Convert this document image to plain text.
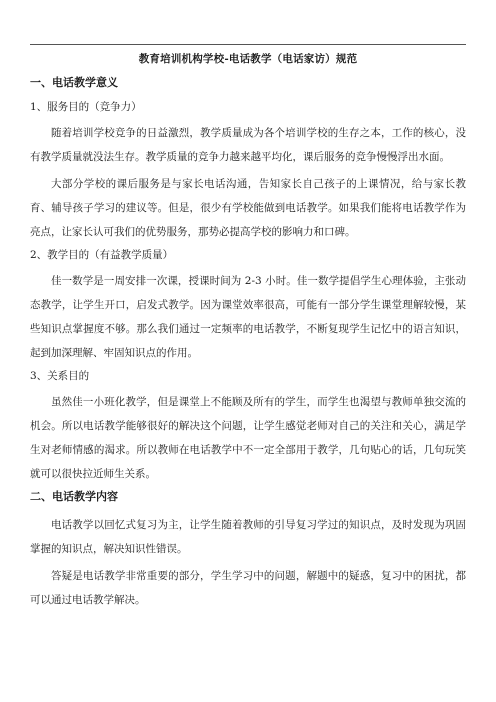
教育培训机构学校-电话教学（电话家访）规范
一、电话教学意义
1、服务目的（竞争力）

随着培训学校竞争的日益激烈，教学质量成为各个培训学校的生存之本，工作的核心，没有教学质量就没法生存。教学质量的竞争力越来越平均化，课后服务的竞争慢慢浮出水面。

大部分学校的课后服务是与家长电话沟通，告知家长自己孩子的上课情况，给与家长教育、辅导孩子学习的建议等。但是，很少有学校能做到电话教学。如果我们能将电话教学作为亮点，让家长认可我们的优势服务，那势必提高学校的影响力和口碑。

2、教学目的（有益教学质量）

佳一数学是一周安排一次课，授课时间为 2-3 小时。佳一数学提倡学生心理体验，主张动态教学，让学生开口，启发式教学。因为课堂效率很高，可能有一部分学生课堂理解较慢，某些知识点掌握度不够。那么我们通过一定频率的电话教学，不断复现学生记忆中的语言知识，起到加深理解、牢固知识点的作用。

3、关系目的

虽然佳一小班化教学，但是课堂上不能顾及所有的学生，而学生也渴望与教师单独交流的机会。所以电话教学能够很好的解决这个问题，让学生感觉老师对自己的关注和关心，满足学生对老师情感的渴求。所以教师在电话教学中不一定全部用于教学，几句贴心的话，几句玩笑就可以很快拉近师生关系。

二、电话教学内容

电话教学以回忆式复习为主，让学生随着教师的引导复习学过的知识点，及时发现为巩固掌握的知识点，解决知识性错误。

答疑是电话教学非常重要的部分，学生学习中的问题，解题中的疑惑，复习中的困扰，都可以通过电话教学解决。
